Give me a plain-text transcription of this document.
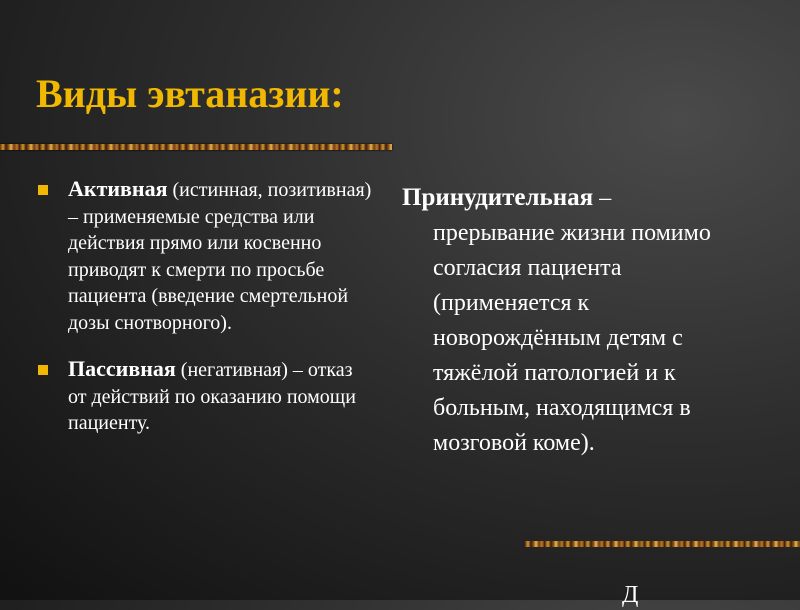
Виды эвтаназии:
Активная (истинная, позитивная) – применяемые средства или действия прямо или косвенно приводят к смерти по просьбе пациента (введение смертельной дозы снотворного).
Пассивная (негативная) – отказ от действий по оказанию помощи пациенту.
Принудительная –
прерывание жизни помимо согласия пациента (применяется к новорождённым детям с тяжёлой патологией и к больным, находящимся в мозговой коме).
Д
